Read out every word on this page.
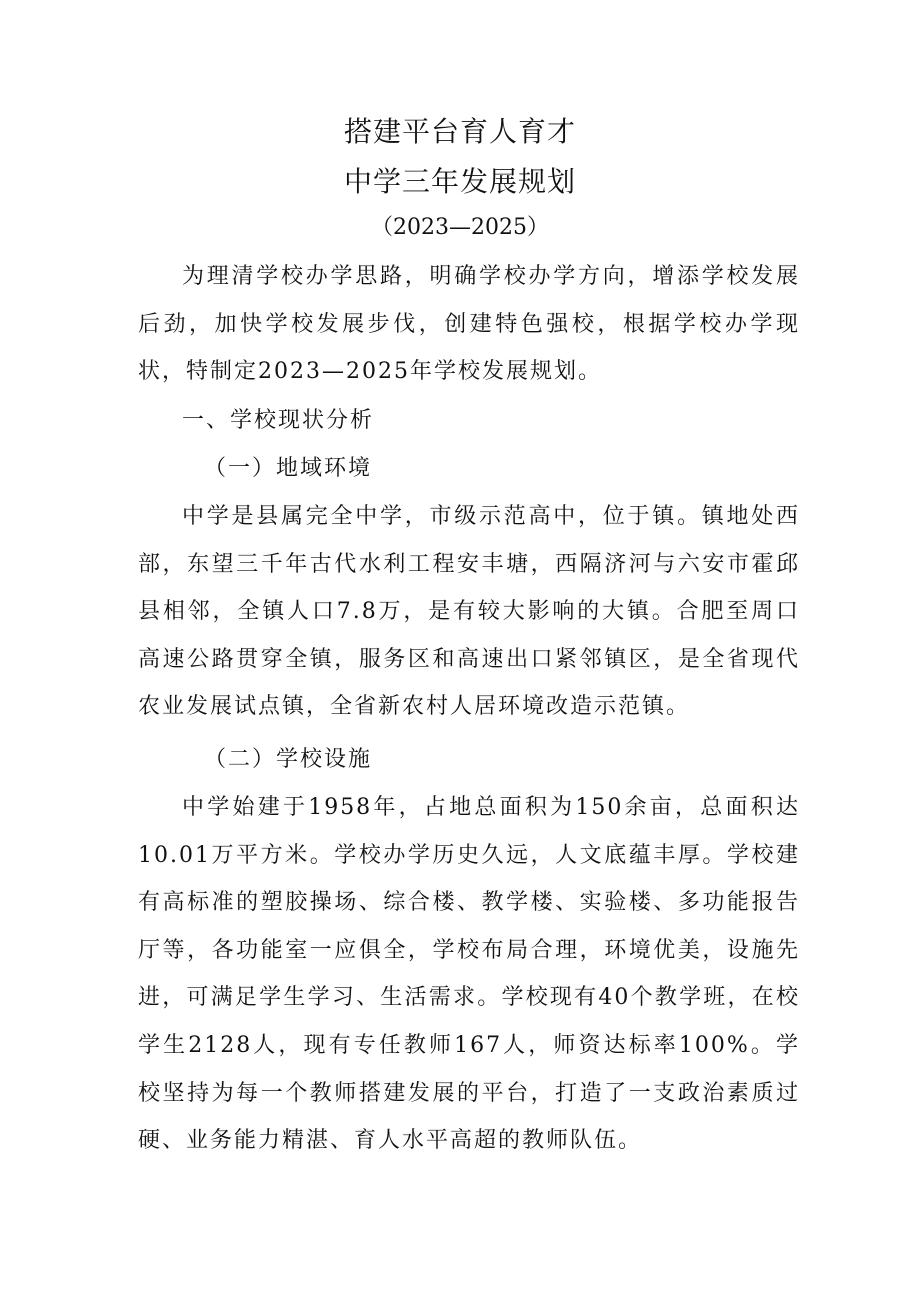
搭建平台育人育才
中学三年发展规划
（2023—2025）

为理清学校办学思路，明确学校办学方向，增添学校发展后劲，加快学校发展步伐，创建特色强校，根据学校办学现状，特制定2023—2025年学校发展规划。

一、学校现状分析

（一）地域环境

中学是县属完全中学，市级示范高中，位于镇。镇地处西部，东望三千年古代水利工程安丰塘，西隔济河与六安市霍邱县相邻，全镇人口7.8万，是有较大影响的大镇。合肥至周口高速公路贯穿全镇，服务区和高速出口紧邻镇区，是全省现代农业发展试点镇，全省新农村人居环境改造示范镇。

（二）学校设施

中学始建于1958年，占地总面积为150余亩，总面积达10.01万平方米。学校办学历史久远，人文底蕴丰厚。学校建有高标准的塑胶操场、综合楼、教学楼、实验楼、多功能报告厅等，各功能室一应俱全，学校布局合理，环境优美，设施先进，可满足学生学习、生活需求。学校现有40个教学班，在校学生2128人，现有专任教师167人，师资达标率100%。学校坚持为每一个教师搭建发展的平台，打造了一支政治素质过硬、业务能力精湛、育人水平高超的教师队伍。
